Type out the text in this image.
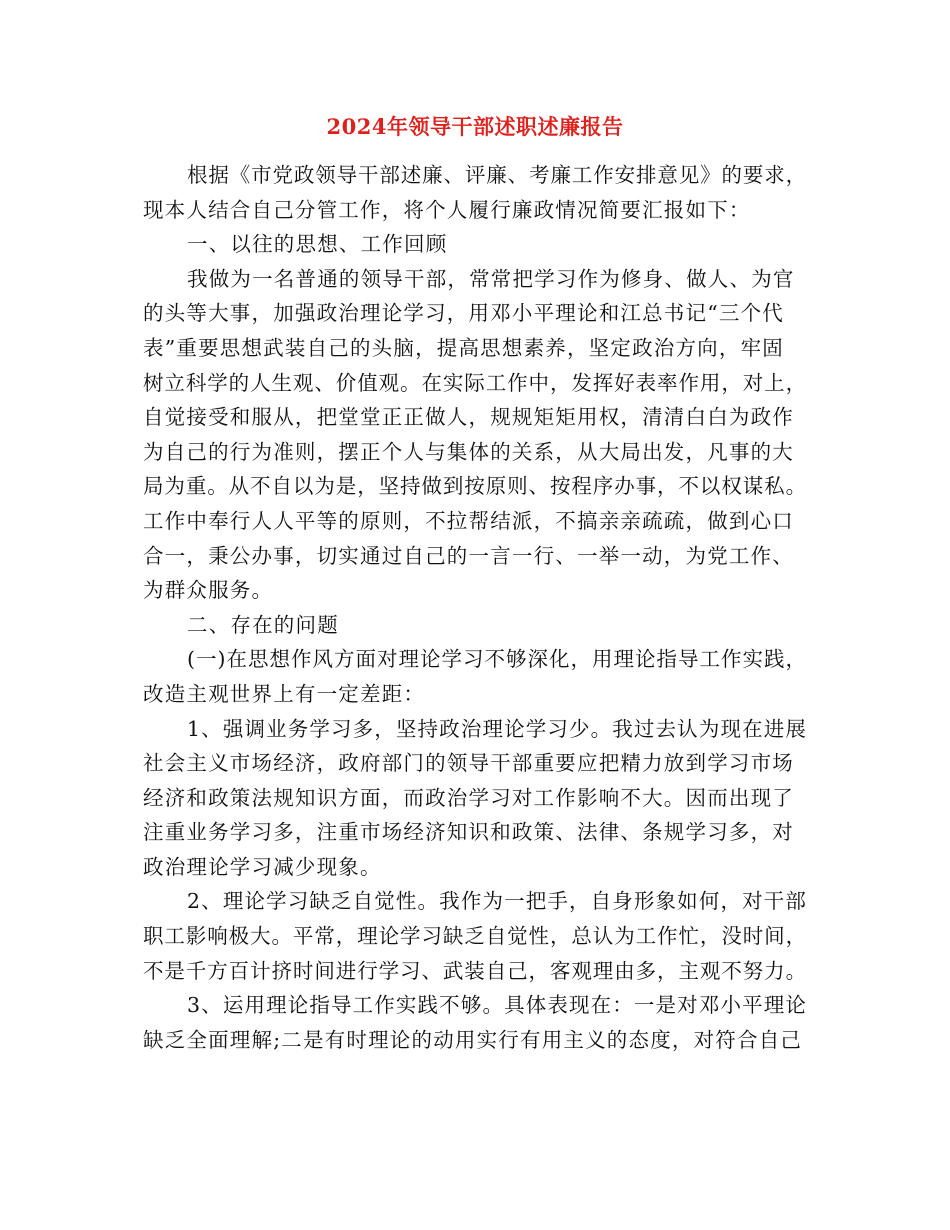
2024年领导干部述职述廉报告
根据《市党政领导干部述廉、评廉、考廉工作安排意见》的要求，
现本人结合自己分管工作，将个人履行廉政情况简要汇报如下：
一、以往的思想、工作回顾
我做为一名普通的领导干部，常常把学习作为修身、做人、为官
的头等大事，加强政治理论学习，用邓小平理论和江总书记“三个代
表”重要思想武装自己的头脑，提高思想素养，坚定政治方向，牢固
树立科学的人生观、价值观。在实际工作中，发挥好表率作用，对上，
自觉接受和服从，把堂堂正正做人，规规矩矩用权，清清白白为政作
为自己的行为准则，摆正个人与集体的关系，从大局出发，凡事的大
局为重。从不自以为是，坚持做到按原则、按程序办事，不以权谋私。
工作中奉行人人平等的原则，不拉帮结派，不搞亲亲疏疏，做到心口
合一，秉公办事，切实通过自己的一言一行、一举一动，为党工作、
为群众服务。
二、存在的问题
(一)在思想作风方面对理论学习不够深化，用理论指导工作实践，
改造主观世界上有一定差距：
1、强调业务学习多，坚持政治理论学习少。我过去认为现在进展
社会主义市场经济，政府部门的领导干部重要应把精力放到学习市场
经济和政策法规知识方面，而政治学习对工作影响不大。因而出现了
注重业务学习多，注重市场经济知识和政策、法律、条规学习多，对
政治理论学习减少现象。
2、理论学习缺乏自觉性。我作为一把手，自身形象如何，对干部
职工影响极大。平常，理论学习缺乏自觉性，总认为工作忙，没时间，
不是千方百计挤时间进行学习、武装自己，客观理由多，主观不努力。
3、运用理论指导工作实践不够。具体表现在：一是对邓小平理论
缺乏全面理解;二是有时理论的动用实行有用主义的态度，对符合自己
